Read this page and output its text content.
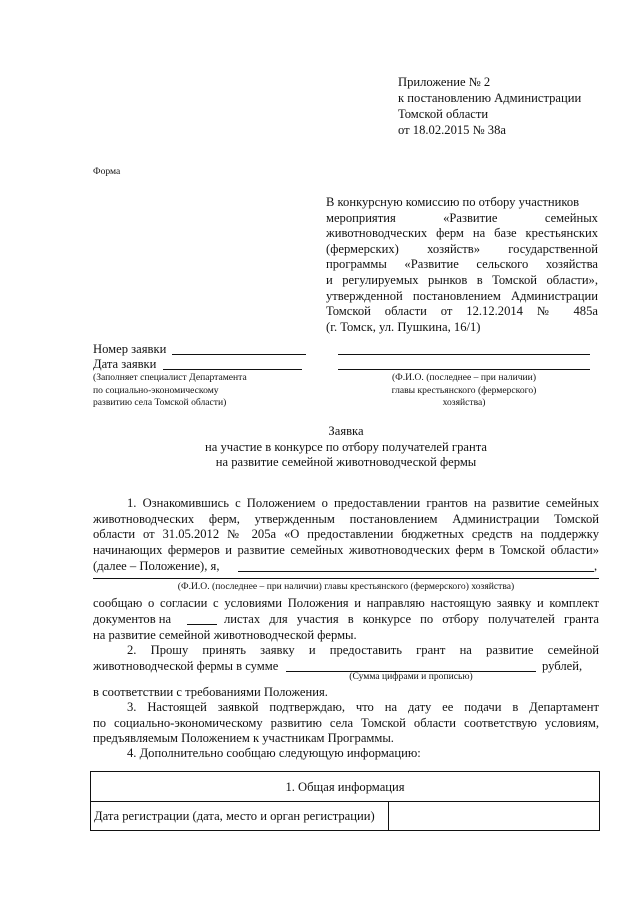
Приложение № 2
к постановлению Администрации
Томской области
от 18.02.2015 № 38а
Форма
В конкурсную комиссию по отбору участников
мероприятия	«Развитие	семейных
животноводческих ферм на базе крестьянских
(фермерских) хозяйств» государственной
программы «Развитие сельского хозяйства
и регулируемых рынков в Томской области»,
утвержденной постановлением Администрации
Томской области от 12.12.2014 № 485а
(г. Томск, ул. Пушкина, 16/1)
Номер заявки
Дата заявки
(Заполняет специалист Департамента
по социально-экономическому
развитию села Томской области)
(Ф.И.О. (последнее – при наличии)
главы крестьянского (фермерского)
хозяйства)
Заявка
на участие в конкурсе по отбору получателей гранта
на развитие семейной животноводческой фермы
1. Ознакомившись с Положением о предоставлении грантов на развитие семейных
животноводческих ферм, утвержденным постановлением Администрации Томской
области от 31.05.2012 № 205а «О предоставлении бюджетных средств на поддержку
начинающих фермеров и развитие семейных животноводческих ферм в Томской области»
(далее – Положение), я,	,
(Ф.И.О. (последнее – при наличии) главы крестьянского (фермерского) хозяйства)
сообщаю о согласии с условиями Положения и направляю настоящую заявку и комплект
документов на	листах для участия в конкурсе по отбору получателей гранта
на развитие семейной животноводческой фермы.
2. Прошу принять заявку и предоставить грант на развитие семейной
животноводческой фермы в сумме	рублей,
(Сумма цифрами и прописью)
в соответствии с требованиями Положения.
3. Настоящей заявкой подтверждаю, что на дату ее подачи в Департамент
по социально-экономическому развитию села Томской области соответствую условиям,
предъявляемым Положением к участникам Программы.
4. Дополнительно сообщаю следующую информацию:
1. Общая информация
Дата регистрации (дата, место и орган регистрации)	
